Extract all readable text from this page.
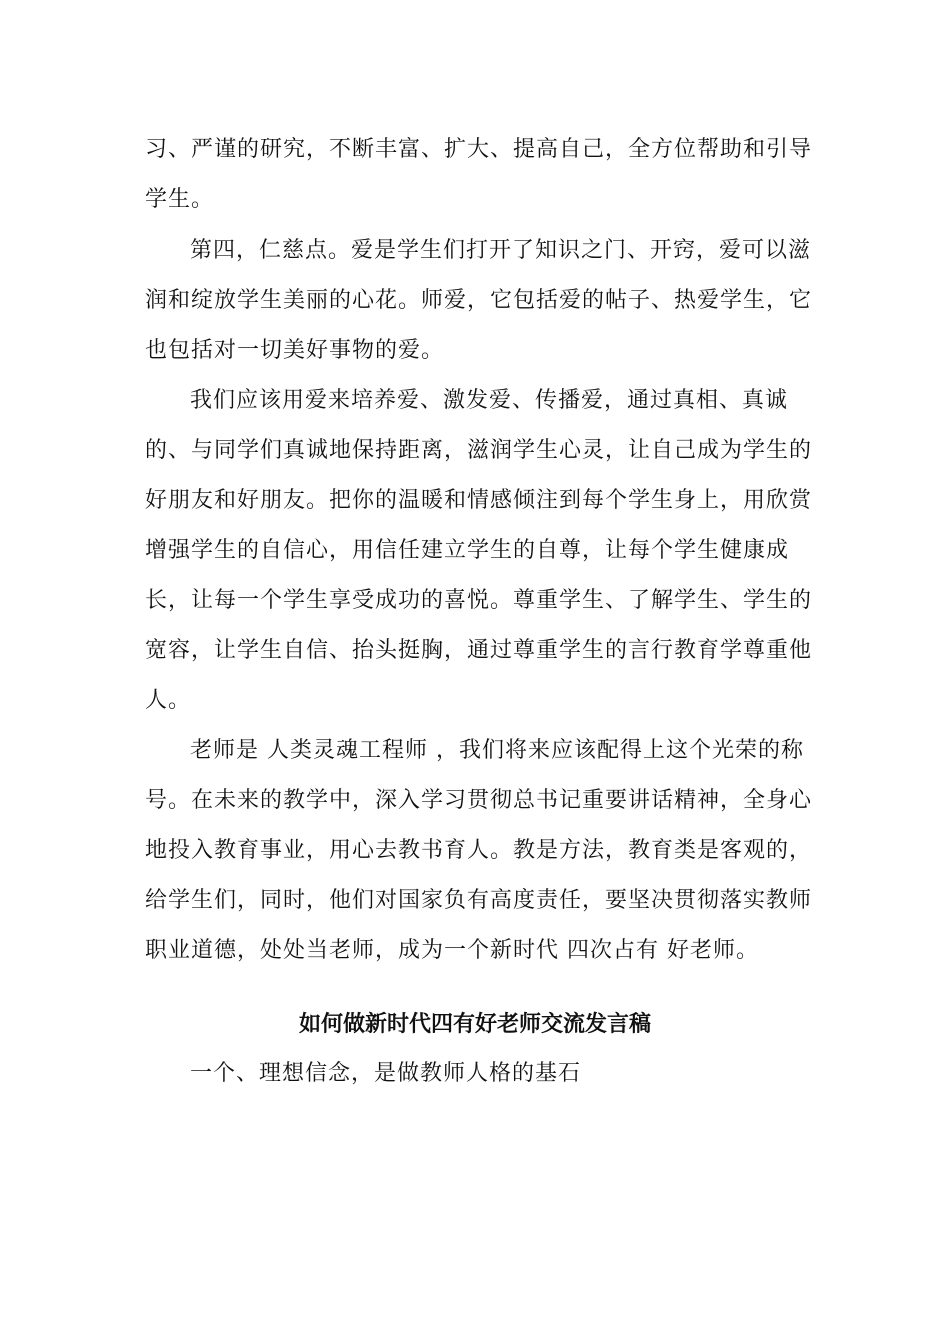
习、严谨的研究，不断丰富、扩大、提高自己，全方位帮助和引导
学生。
第四，仁慈点。爱是学生们打开了知识之门、开窍，爱可以滋
润和绽放学生美丽的心花。师爱，它包括爱的帖子、热爱学生，它
也包括对一切美好事物的爱。
我们应该用爱来培养爱、激发爱、传播爱，通过真相、真诚
的、与同学们真诚地保持距离，滋润学生心灵，让自己成为学生的
好朋友和好朋友。把你的温暖和情感倾注到每个学生身上，用欣赏
增强学生的自信心，用信任建立学生的自尊，让每个学生健康成
长，让每一个学生享受成功的喜悦。尊重学生、了解学生、学生的
宽容，让学生自信、抬头挺胸，通过尊重学生的言行教育学尊重他
人。
老师是 人类灵魂工程师 ，我们将来应该配得上这个光荣的称
号。在未来的教学中，深入学习贯彻总书记重要讲话精神，全身心
地投入教育事业，用心去教书育人。教是方法，教育类是客观的，
给学生们，同时，他们对国家负有高度责任，要坚决贯彻落实教师
职业道德，处处当老师，成为一个新时代 四次占有 好老师。
如何做新时代四有好老师交流发言稿
一个、理想信念，是做教师人格的基石
